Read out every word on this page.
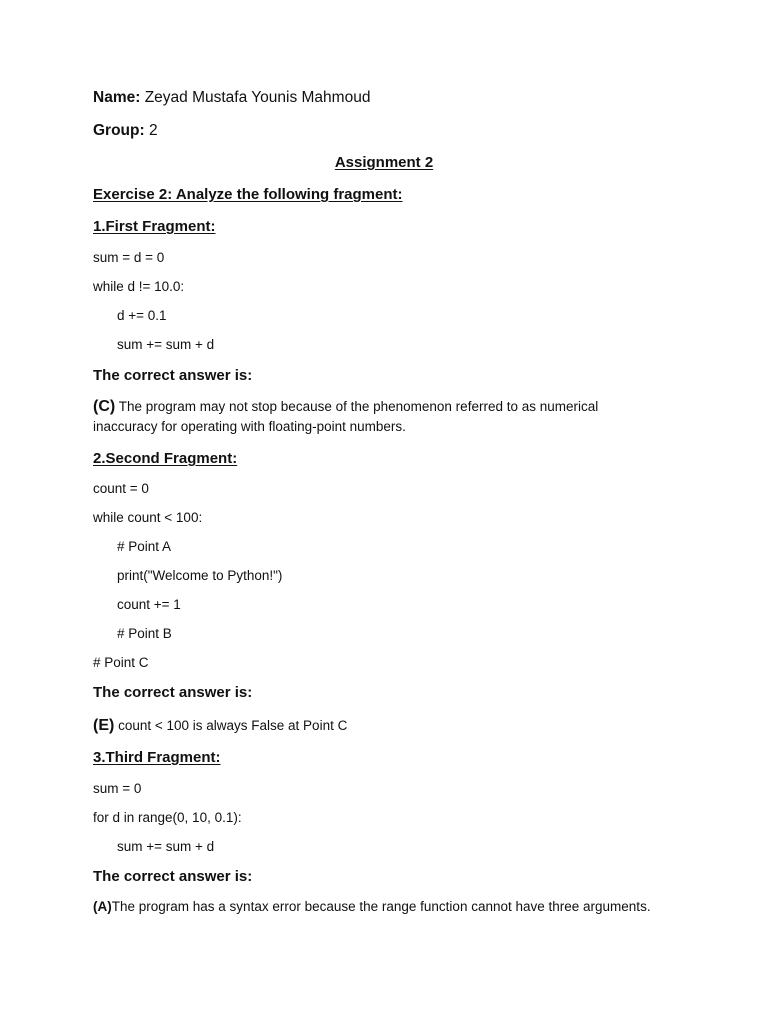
Name: Zeyad Mustafa Younis Mahmoud
Group: 2
Assignment 2
Exercise 2: Analyze the following fragment:
1.First Fragment:
sum = d = 0
while d != 10.0:
d += 0.1
sum += sum + d
The correct answer is:
(C) The program may not stop because of the phenomenon referred to as numerical inaccuracy for operating with floating-point numbers.
2.Second Fragment:
count = 0
while count < 100:
# Point A
print("Welcome to Python!")
count += 1
# Point B
# Point C
The correct answer is:
(E) count < 100 is always False at Point C
3.Third Fragment:
sum = 0
for d in range(0, 10, 0.1):
sum += sum + d
The correct answer is:
(A)The program has a syntax error because the range function cannot have three arguments.
